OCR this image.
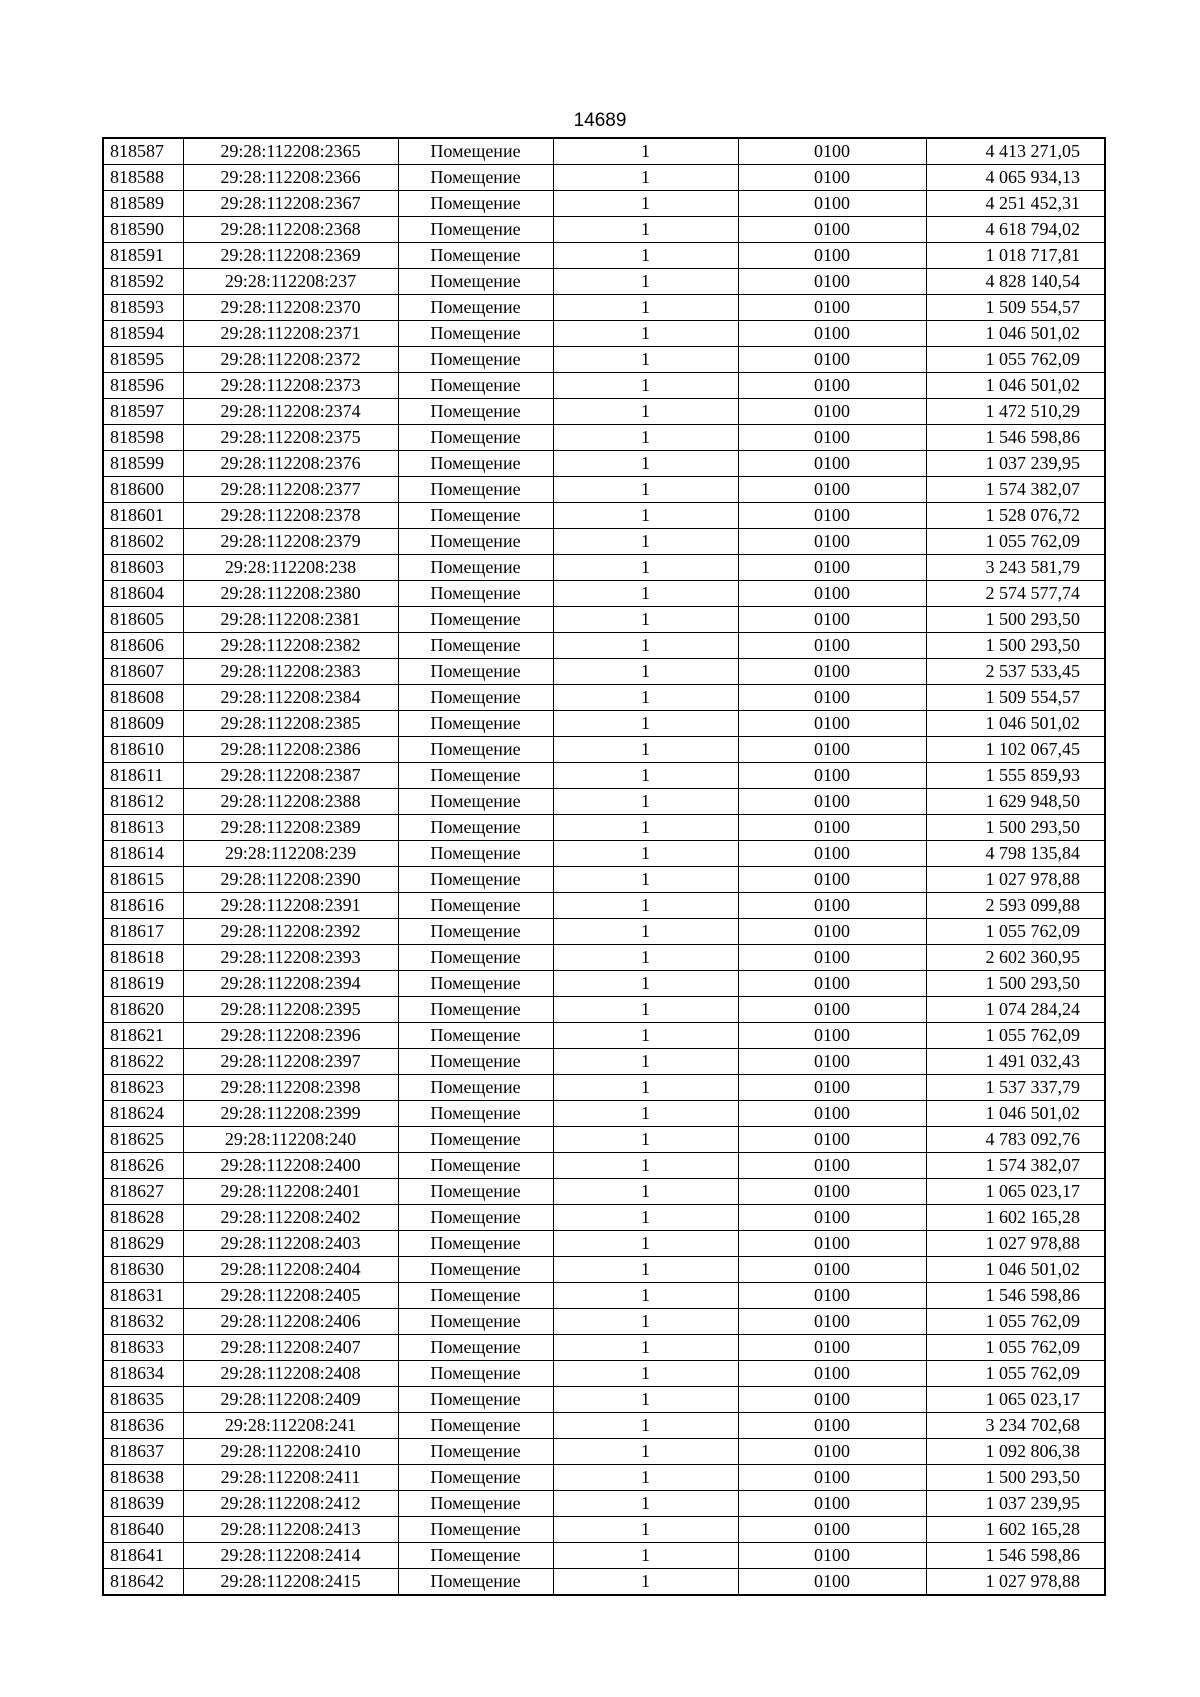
14689
818587	29:28:112208:2365	Помещение	1	0100	4 413 271,05
818588	29:28:112208:2366	Помещение	1	0100	4 065 934,13
818589	29:28:112208:2367	Помещение	1	0100	4 251 452,31
818590	29:28:112208:2368	Помещение	1	0100	4 618 794,02
818591	29:28:112208:2369	Помещение	1	0100	1 018 717,81
818592	29:28:112208:237	Помещение	1	0100	4 828 140,54
818593	29:28:112208:2370	Помещение	1	0100	1 509 554,57
818594	29:28:112208:2371	Помещение	1	0100	1 046 501,02
818595	29:28:112208:2372	Помещение	1	0100	1 055 762,09
818596	29:28:112208:2373	Помещение	1	0100	1 046 501,02
818597	29:28:112208:2374	Помещение	1	0100	1 472 510,29
818598	29:28:112208:2375	Помещение	1	0100	1 546 598,86
818599	29:28:112208:2376	Помещение	1	0100	1 037 239,95
818600	29:28:112208:2377	Помещение	1	0100	1 574 382,07
818601	29:28:112208:2378	Помещение	1	0100	1 528 076,72
818602	29:28:112208:2379	Помещение	1	0100	1 055 762,09
818603	29:28:112208:238	Помещение	1	0100	3 243 581,79
818604	29:28:112208:2380	Помещение	1	0100	2 574 577,74
818605	29:28:112208:2381	Помещение	1	0100	1 500 293,50
818606	29:28:112208:2382	Помещение	1	0100	1 500 293,50
818607	29:28:112208:2383	Помещение	1	0100	2 537 533,45
818608	29:28:112208:2384	Помещение	1	0100	1 509 554,57
818609	29:28:112208:2385	Помещение	1	0100	1 046 501,02
818610	29:28:112208:2386	Помещение	1	0100	1 102 067,45
818611	29:28:112208:2387	Помещение	1	0100	1 555 859,93
818612	29:28:112208:2388	Помещение	1	0100	1 629 948,50
818613	29:28:112208:2389	Помещение	1	0100	1 500 293,50
818614	29:28:112208:239	Помещение	1	0100	4 798 135,84
818615	29:28:112208:2390	Помещение	1	0100	1 027 978,88
818616	29:28:112208:2391	Помещение	1	0100	2 593 099,88
818617	29:28:112208:2392	Помещение	1	0100	1 055 762,09
818618	29:28:112208:2393	Помещение	1	0100	2 602 360,95
818619	29:28:112208:2394	Помещение	1	0100	1 500 293,50
818620	29:28:112208:2395	Помещение	1	0100	1 074 284,24
818621	29:28:112208:2396	Помещение	1	0100	1 055 762,09
818622	29:28:112208:2397	Помещение	1	0100	1 491 032,43
818623	29:28:112208:2398	Помещение	1	0100	1 537 337,79
818624	29:28:112208:2399	Помещение	1	0100	1 046 501,02
818625	29:28:112208:240	Помещение	1	0100	4 783 092,76
818626	29:28:112208:2400	Помещение	1	0100	1 574 382,07
818627	29:28:112208:2401	Помещение	1	0100	1 065 023,17
818628	29:28:112208:2402	Помещение	1	0100	1 602 165,28
818629	29:28:112208:2403	Помещение	1	0100	1 027 978,88
818630	29:28:112208:2404	Помещение	1	0100	1 046 501,02
818631	29:28:112208:2405	Помещение	1	0100	1 546 598,86
818632	29:28:112208:2406	Помещение	1	0100	1 055 762,09
818633	29:28:112208:2407	Помещение	1	0100	1 055 762,09
818634	29:28:112208:2408	Помещение	1	0100	1 055 762,09
818635	29:28:112208:2409	Помещение	1	0100	1 065 023,17
818636	29:28:112208:241	Помещение	1	0100	3 234 702,68
818637	29:28:112208:2410	Помещение	1	0100	1 092 806,38
818638	29:28:112208:2411	Помещение	1	0100	1 500 293,50
818639	29:28:112208:2412	Помещение	1	0100	1 037 239,95
818640	29:28:112208:2413	Помещение	1	0100	1 602 165,28
818641	29:28:112208:2414	Помещение	1	0100	1 546 598,86
818642	29:28:112208:2415	Помещение	1	0100	1 027 978,88
